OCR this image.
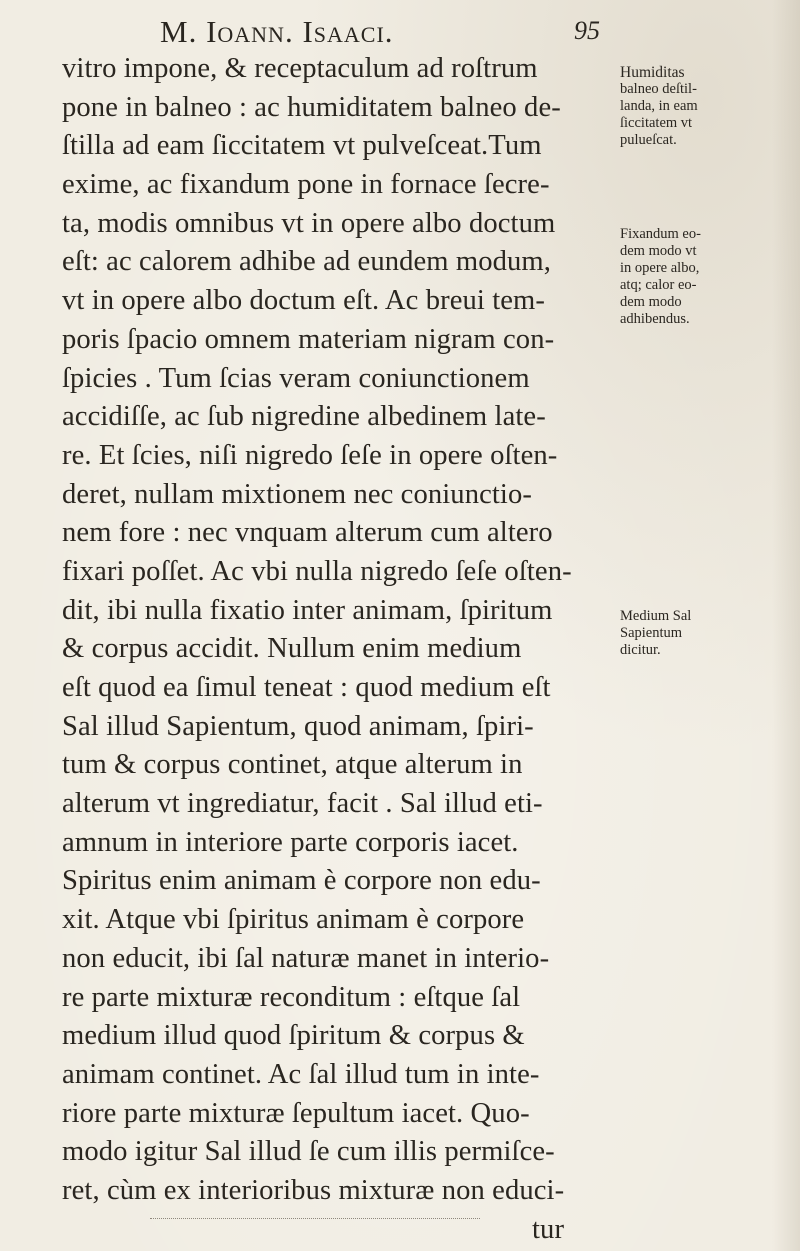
M. Ioann. Isaaci.	95
vitro impone, & receptaculum ad roſtrum
pone in balneo : ac humiditatem balneo de-
ſtilla ad eam ſiccitatem vt pulveſceat.Tum
exime, ac fixandum pone in fornace ſecre-
ta, modis omnibus vt in opere albo doctum
eſt: ac calorem adhibe ad eundem modum,
vt in opere albo doctum eſt. Ac breui tem-
poris ſpacio omnem materiam nigram con-
ſpicies . Tum ſcias veram coniunctionem
accidiſſe, ac ſub nigredine albedinem late-
re. Et ſcies, niſi nigredo ſeſe in opere oſten-
deret, nullam mixtionem nec coniunctio-
nem fore : nec vnquam alterum cum altero
fixari poſſet. Ac vbi nulla nigredo ſeſe oſten-
dit, ibi nulla fixatio inter animam, ſpiritum
& corpus accidit. Nullum enim medium
eſt quod ea ſimul teneat : quod medium eſt
Sal illud Sapientum, quod animam, ſpiri-
tum & corpus continet, atque alterum in
alterum vt ingrediatur, facit . Sal illud eti-
amnum in interiore parte corporis iacet.
Spiritus enim animam è corpore non edu-
xit. Atque vbi ſpiritus animam è corpore
non educit, ibi ſal naturæ manet in interio-
re parte mixturæ reconditum : eſtque ſal
medium illud quod ſpiritum & corpus &
animam continet. Ac ſal illud tum in inte-
riore parte mixturæ ſepultum iacet. Quo-
modo igitur Sal illud ſe cum illis permiſce-
ret, cùm ex interioribus mixturæ non educi-
tur
Humiditas
balneo deſtil-
landa, in eam
ſiccitatem vt
pulueſcat.
Fixandum eo-
dem modo vt
in opere albo,
atq; calor eo-
dem modo
adhibendus.
Medium Sal
Sapientum
dicitur.
